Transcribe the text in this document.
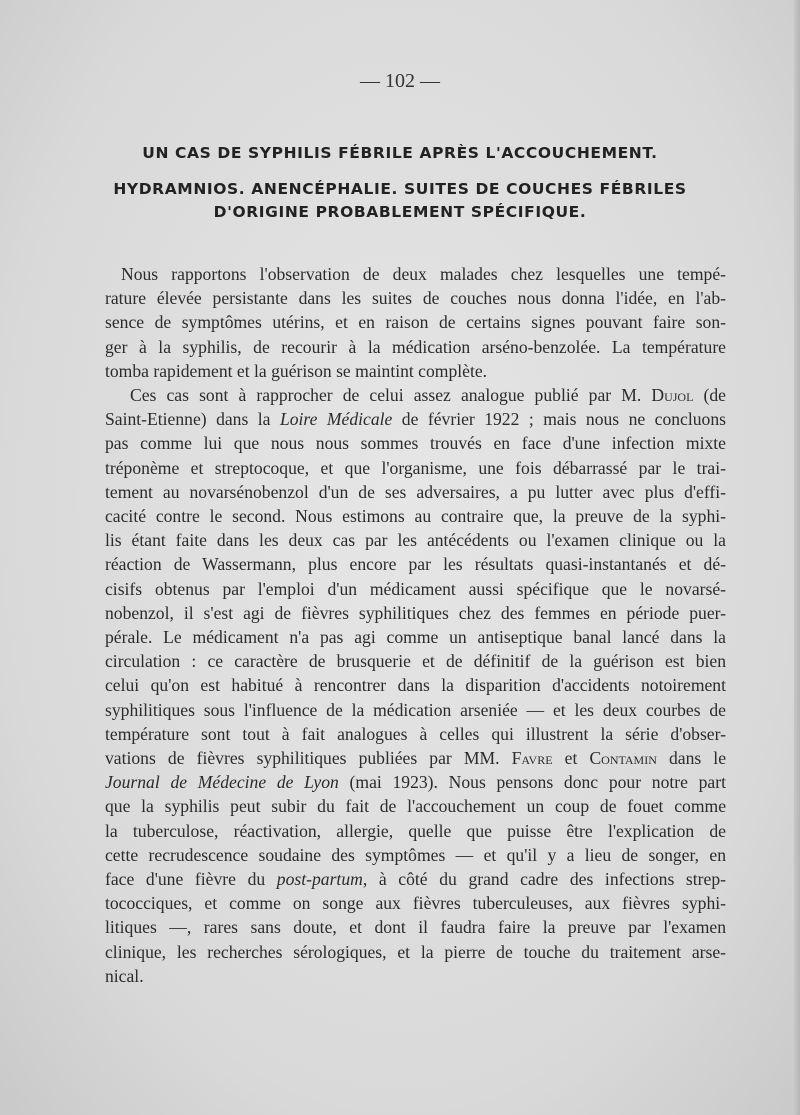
— 102 —
UN CAS DE SYPHILIS FÉBRILE APRÈS L'ACCOUCHEMENT.
HYDRAMNIOS. ANENCÉPHALIE. SUITES DE COUCHES FÉBRILES
D'ORIGINE PROBABLEMENT SPÉCIFIQUE.
Nous rapportons l'observation de deux malades chez lesquelles une tempé-
rature élevée persistante dans les suites de couches nous donna l'idée, en l'ab-
sence de symptômes utérins, et en raison de certains signes pouvant faire son-
ger à la syphilis, de recourir à la médication arséno-benzolée. La température
tomba rapidement et la guérison se maintint complète.
Ces cas sont à rapprocher de celui assez analogue publié par M. Dujol (de
Saint-Etienne) dans la Loire Médicale de février 1922 ; mais nous ne concluons
pas comme lui que nous nous sommes trouvés en face d'une infection mixte
tréponème et streptocoque, et que l'organisme, une fois débarrassé par le trai-
tement au novarsénobenzol d'un de ses adversaires, a pu lutter avec plus d'effi-
cacité contre le second. Nous estimons au contraire que, la preuve de la syphi-
lis étant faite dans les deux cas par les antécédents ou l'examen clinique ou la
réaction de Wassermann, plus encore par les résultats quasi-instantanés et dé-
cisifs obtenus par l'emploi d'un médicament aussi spécifique que le novarsé-
nobenzol, il s'est agi de fièvres syphilitiques chez des femmes en période puer-
pérale. Le médicament n'a pas agi comme un antiseptique banal lancé dans la
circulation : ce caractère de brusquerie et de définitif de la guérison est bien
celui qu'on est habitué à rencontrer dans la disparition d'accidents notoirement
syphilitiques sous l'influence de la médication arseniée — et les deux courbes de
température sont tout à fait analogues à celles qui illustrent la série d'obser-
vations de fièvres syphilitiques publiées par MM. Favre et Contamin dans le
Journal de Médecine de Lyon (mai 1923). Nous pensons donc pour notre part
que la syphilis peut subir du fait de l'accouchement un coup de fouet comme
la tuberculose, réactivation, allergie, quelle que puisse être l'explication de
cette recrudescence soudaine des symptômes — et qu'il y a lieu de songer, en
face d'une fièvre du post-partum, à côté du grand cadre des infections strep-
tococciques, et comme on songe aux fièvres tuberculeuses, aux fièvres syphi-
litiques —, rares sans doute, et dont il faudra faire la preuve par l'examen
clinique, les recherches sérologiques, et la pierre de touche du traitement arse-
nical.
